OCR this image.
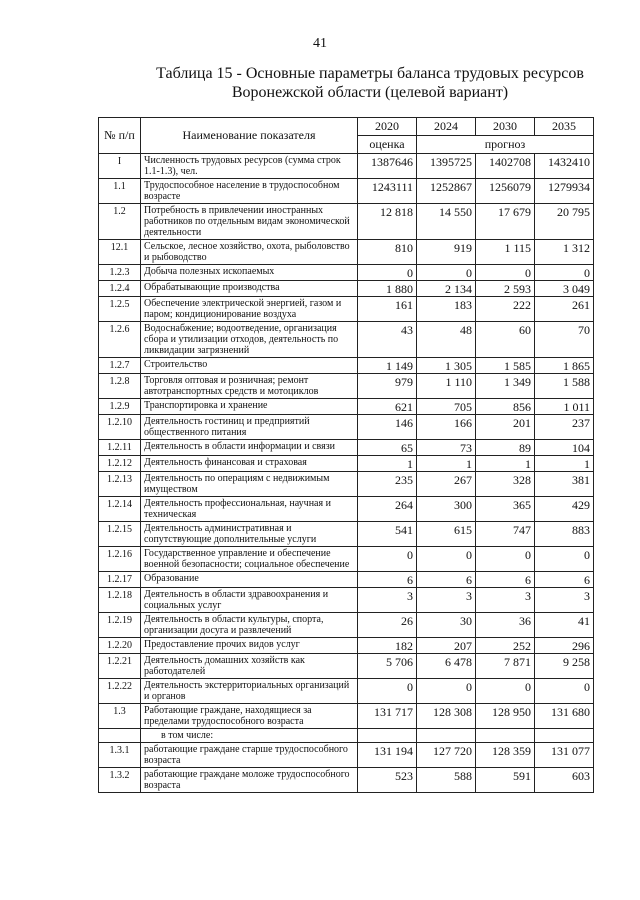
41
Таблица 15 - Основные параметры баланса трудовых ресурсов
Воронежской области (целевой вариант)
№ п/п	Наименование показателя	2020	2024	2030	2035
		оценка	прогноз		
I	Численность трудовых ресурсов (сумма строк 1.1-1.3), чел.	1387646	1395725	1402708	1432410
1.1	Трудоспособное население в трудоспособном возрасте	1243111	1252867	1256079	1279934
1.2	Потребность в привлечении иностранных работников по отдельным видам экономической деятельности	12 818	14 550	17 679	20 795
12.1	Сельское, лесное хозяйство, охота, рыболовство и рыбоводство	810	919	1 115	1 312
1.2.3	Добыча полезных ископаемых	0	0	0	0
1.2.4	Обрабатывающие производства	1 880	2 134	2 593	3 049
1.2.5	Обеспечение электрической энергией, газом и паром; кондиционирование воздуха	161	183	222	261
1.2.6	Водоснабжение; водоотведение, организация сбора и утилизации отходов, деятельность по ликвидации загрязнений	43	48	60	70
1.2.7	Строительство	1 149	1 305	1 585	1 865
1.2.8	Торговля оптовая и розничная; ремонт автотранспортных средств и мотоциклов	979	1 110	1 349	1 588
1.2.9	Транспортировка и хранение	621	705	856	1 011
1.2.10	Деятельность гостиниц и предприятий общественного питания	146	166	201	237
1.2.11	Деятельность в области информации и связи	65	73	89	104
1.2.12	Деятельность финансовая и страховая	1	1	1	1
1.2.13	Деятельность по операциям с недвижимым имуществом	235	267	328	381
1.2.14	Деятельность профессиональная, научная и техническая	264	300	365	429
1.2.15	Деятельность административная и сопутствующие дополнительные услуги	541	615	747	883
1.2.16	Государственное управление и обеспечение военной безопасности; социальное обеспечение	0	0	0	0
1.2.17	Образование	6	6	6	6
1.2.18	Деятельность в области здравоохранения и социальных услуг	3	3	3	3
1.2.19	Деятельность в области культуры, спорта, организации досуга и развлечений	26	30	36	41
1.2.20	Предоставление прочих видов услуг	182	207	252	296
1.2.21	Деятельность домашних хозяйств как работодателей	5 706	6 478	7 871	9 258
1.2.22	Деятельность экстерриториальных организаций и органов	0	0	0	0
1.3	Работающие граждане, находящиеся за пределами трудоспособного возраста	131 717	128 308	128 950	131 680
	в том числе:				
1.3.1	работающие граждане старше трудоспособного возраста	131 194	127 720	128 359	131 077
1.3.2	работающие граждане моложе трудоспособного возраста	523	588	591	603
